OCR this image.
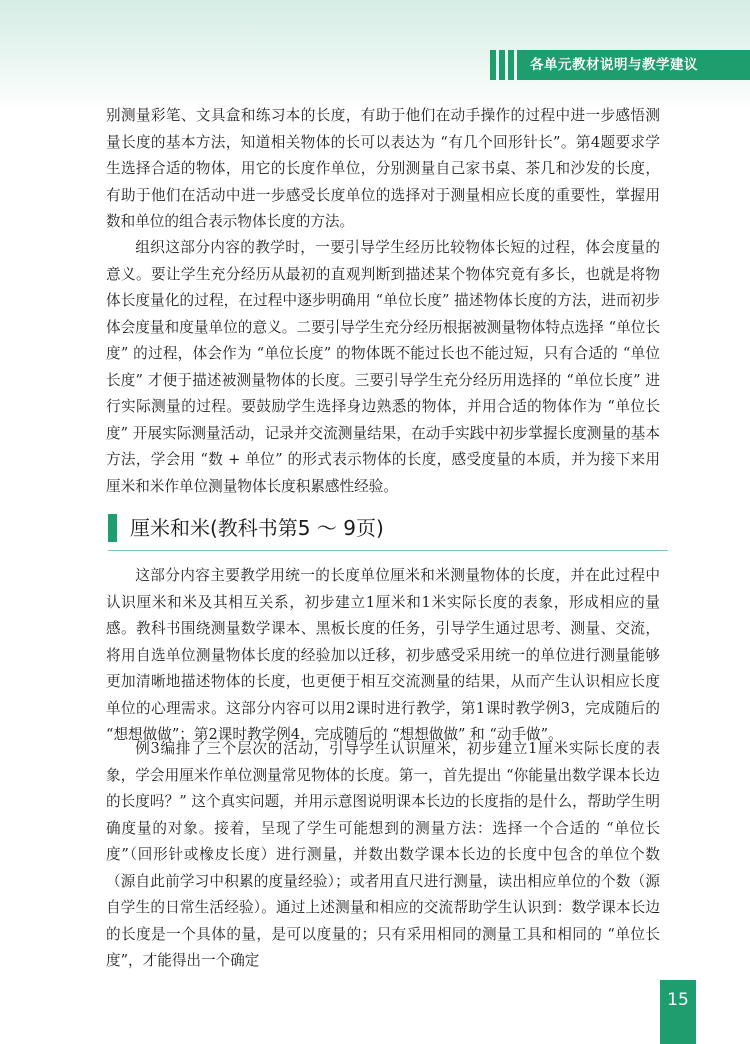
各单元教材说明与教学建议

别测量彩笔、文具盒和练习本的长度，有助于他们在动手操作的过程中进一步感悟测量长度的基本方法，知道相关物体的长可以表达为 “有几个回形针长”。第4题要求学生选择合适的物体，用它的长度作单位，分别测量自己家书桌、茶几和沙发的长度，有助于他们在活动中进一步感受长度单位的选择对于测量相应长度的重要性，掌握用数和单位的组合表示物体长度的方法。

组织这部分内容的教学时，一要引导学生经历比较物体长短的过程，体会度量的意义。要让学生充分经历从最初的直观判断到描述某个物体究竟有多长，也就是将物体长度量化的过程，在过程中逐步明确用 “单位长度” 描述物体长度的方法，进而初步体会度量和度量单位的意义。二要引导学生充分经历根据被测量物体特点选择 “单位长度” 的过程，体会作为 “单位长度” 的物体既不能过长也不能过短，只有合适的 “单位长度” 才便于描述被测量物体的长度。三要引导学生充分经历用选择的 “单位长度” 进行实际测量的过程。要鼓励学生选择身边熟悉的物体，并用合适的物体作为 “单位长度” 开展实际测量活动，记录并交流测量结果，在动手实践中初步掌握长度测量的基本方法，学会用 “数 + 单位” 的形式表示物体的长度，感受度量的本质，并为接下来用厘米和米作单位测量物体长度积累感性经验。

厘米和米(教科书第5 ～ 9页)

这部分内容主要教学用统一的长度单位厘米和米测量物体的长度，并在此过程中认识厘米和米及其相互关系，初步建立1厘米和1米实际长度的表象，形成相应的量感。教科书围绕测量数学课本、黑板长度的任务，引导学生通过思考、测量、交流，将用自选单位测量物体长度的经验加以迁移，初步感受采用统一的单位进行测量能够更加清晰地描述物体的长度，也更便于相互交流测量的结果，从而产生认识相应长度单位的心理需求。这部分内容可以用2课时进行教学，第1课时教学例3，完成随后的 “想想做做”；第2课时教学例4，完成随后的 “想想做做” 和 “动手做”。

例3编排了三个层次的活动，引导学生认识厘米，初步建立1厘米实际长度的表象，学会用厘米作单位测量常见物体的长度。第一，首先提出 “你能量出数学课本长边的长度吗？” 这个真实问题，并用示意图说明课本长边的长度指的是什么，帮助学生明确度量的对象。接着，呈现了学生可能想到的测量方法：选择一个合适的 “单位长度”（回形针或橡皮长度）进行测量，并数出数学课本长边的长度中包含的单位个数（源自此前学习中积累的度量经验）；或者用直尺进行测量，读出相应单位的个数（源自学生的日常生活经验）。通过上述测量和相应的交流帮助学生认识到：数学课本长边的长度是一个具体的量，是可以度量的；只有采用相同的测量工具和相同的 “单位长度”，才能得出一个确定

15
